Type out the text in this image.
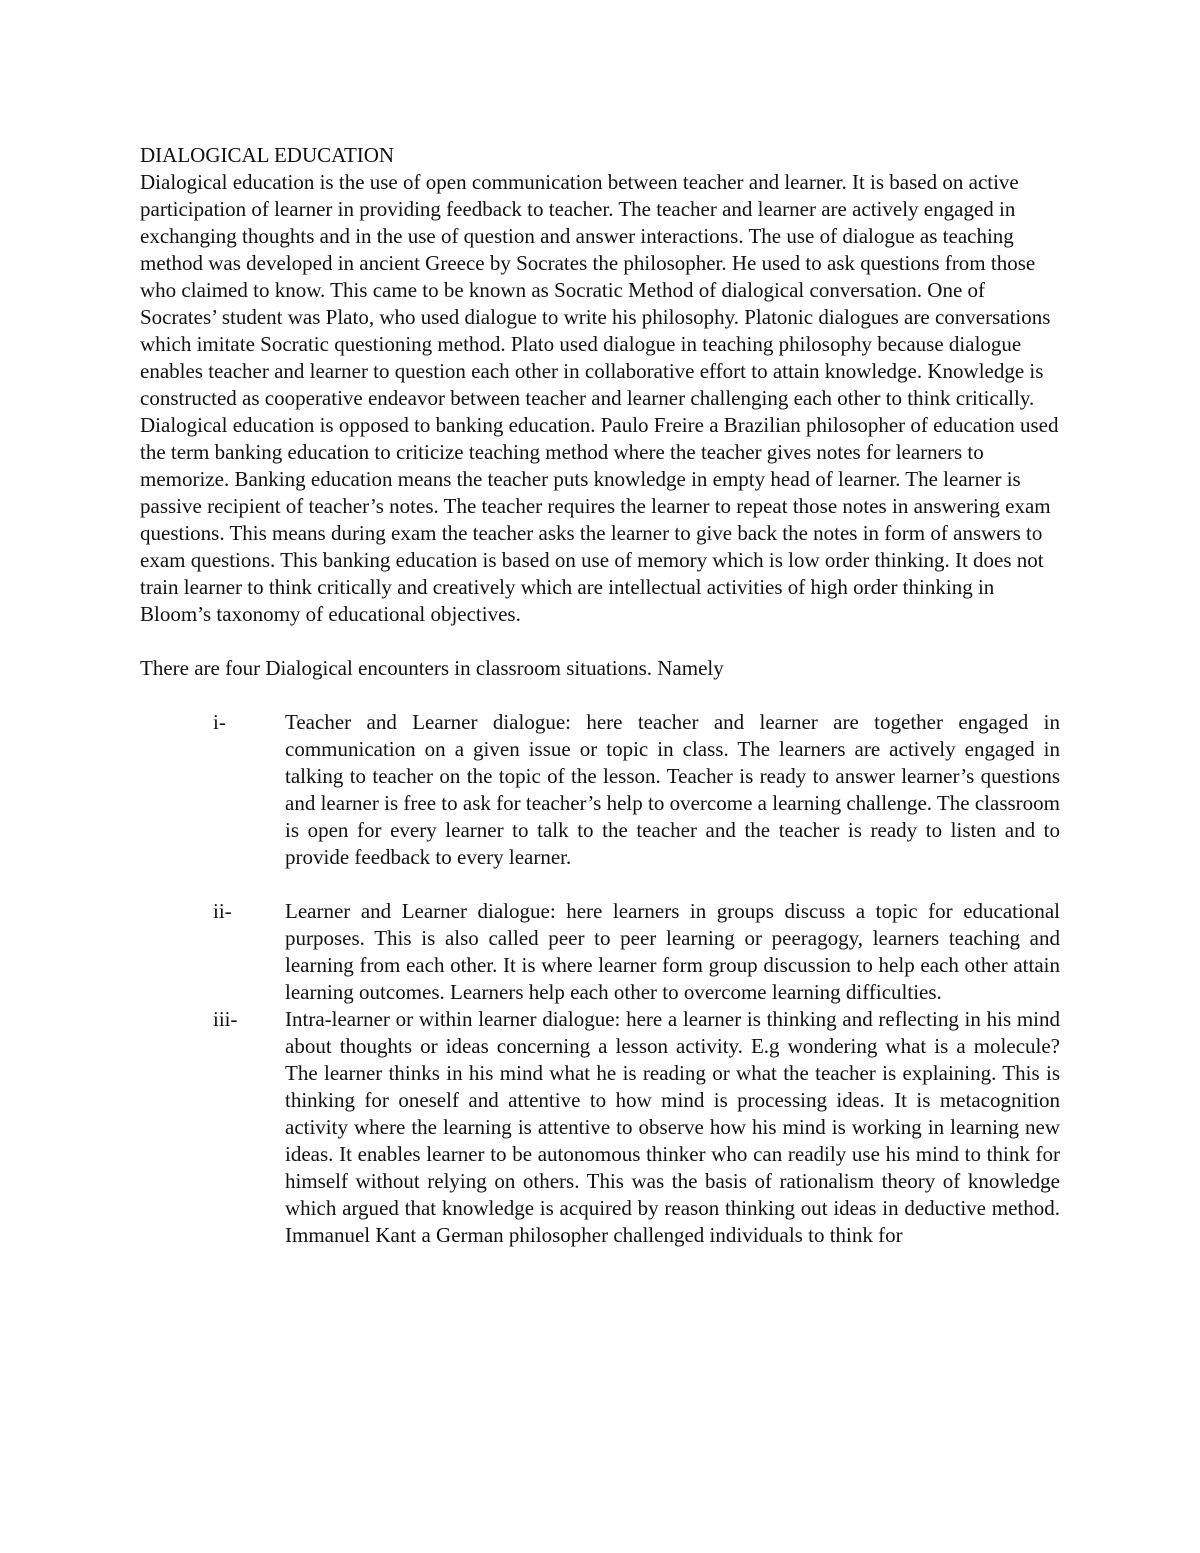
DIALOGICAL EDUCATION

Dialogical education is the use of open communication between teacher and learner. It is based on active participation of learner in providing feedback to teacher. The teacher and learner are actively engaged in exchanging thoughts and in the use of question and answer interactions. The use of dialogue as teaching method was developed in ancient Greece by Socrates the philosopher. He used to ask questions from those who claimed to know. This came to be known as Socratic Method of dialogical conversation. One of Socrates’ student was Plato, who used dialogue to write his philosophy. Platonic dialogues are conversations which imitate Socratic questioning method. Plato used dialogue in teaching philosophy because dialogue enables teacher and learner to question each other in collaborative effort to attain knowledge. Knowledge is constructed as cooperative endeavor between teacher and learner challenging each other to think critically.

Dialogical education is opposed to banking education. Paulo Freire a Brazilian philosopher of education used the term banking education to criticize teaching method where the teacher gives notes for learners to memorize. Banking education means the teacher puts knowledge in empty head of learner. The learner is passive recipient of teacher’s notes. The teacher requires the learner to repeat those notes in answering exam questions. This means during exam the teacher asks the learner to give back the notes in form of answers to exam questions. This banking education is based on use of memory which is low order thinking. It does not train learner to think critically and creatively which are intellectual activities of high order thinking in Bloom’s taxonomy of educational objectives.

There are four Dialogical encounters in classroom situations. Namely

i-	Teacher and Learner dialogue: here teacher and learner are together engaged in communication on a given issue or topic in class. The learners are actively engaged in talking to teacher on the topic of the lesson. Teacher is ready to answer learner’s questions and learner is free to ask for teacher’s help to overcome a learning challenge. The classroom is open for every learner to talk to the teacher and the teacher is ready to listen and to provide feedback to every learner.
ii-	Learner and Learner dialogue: here learners in groups discuss a topic for educational purposes. This is also called peer to peer learning or peeragogy, learners teaching and learning from each other. It is where learner form group discussion to help each other attain learning outcomes. Learners help each other to overcome learning difficulties.
iii-	Intra-learner or within learner dialogue: here a learner is thinking and reflecting in his mind about thoughts or ideas concerning a lesson activity. E.g wondering what is a molecule? The learner thinks in his mind what he is reading or what the teacher is explaining. This is thinking for oneself and attentive to how mind is processing ideas. It is metacognition activity where the learning is attentive to observe how his mind is working in learning new ideas. It enables learner to be autonomous thinker who can readily use his mind to think for himself without relying on others. This was the basis of rationalism theory of knowledge which argued that knowledge is acquired by reason thinking out ideas in deductive method. Immanuel Kant a German philosopher challenged individuals to think for
